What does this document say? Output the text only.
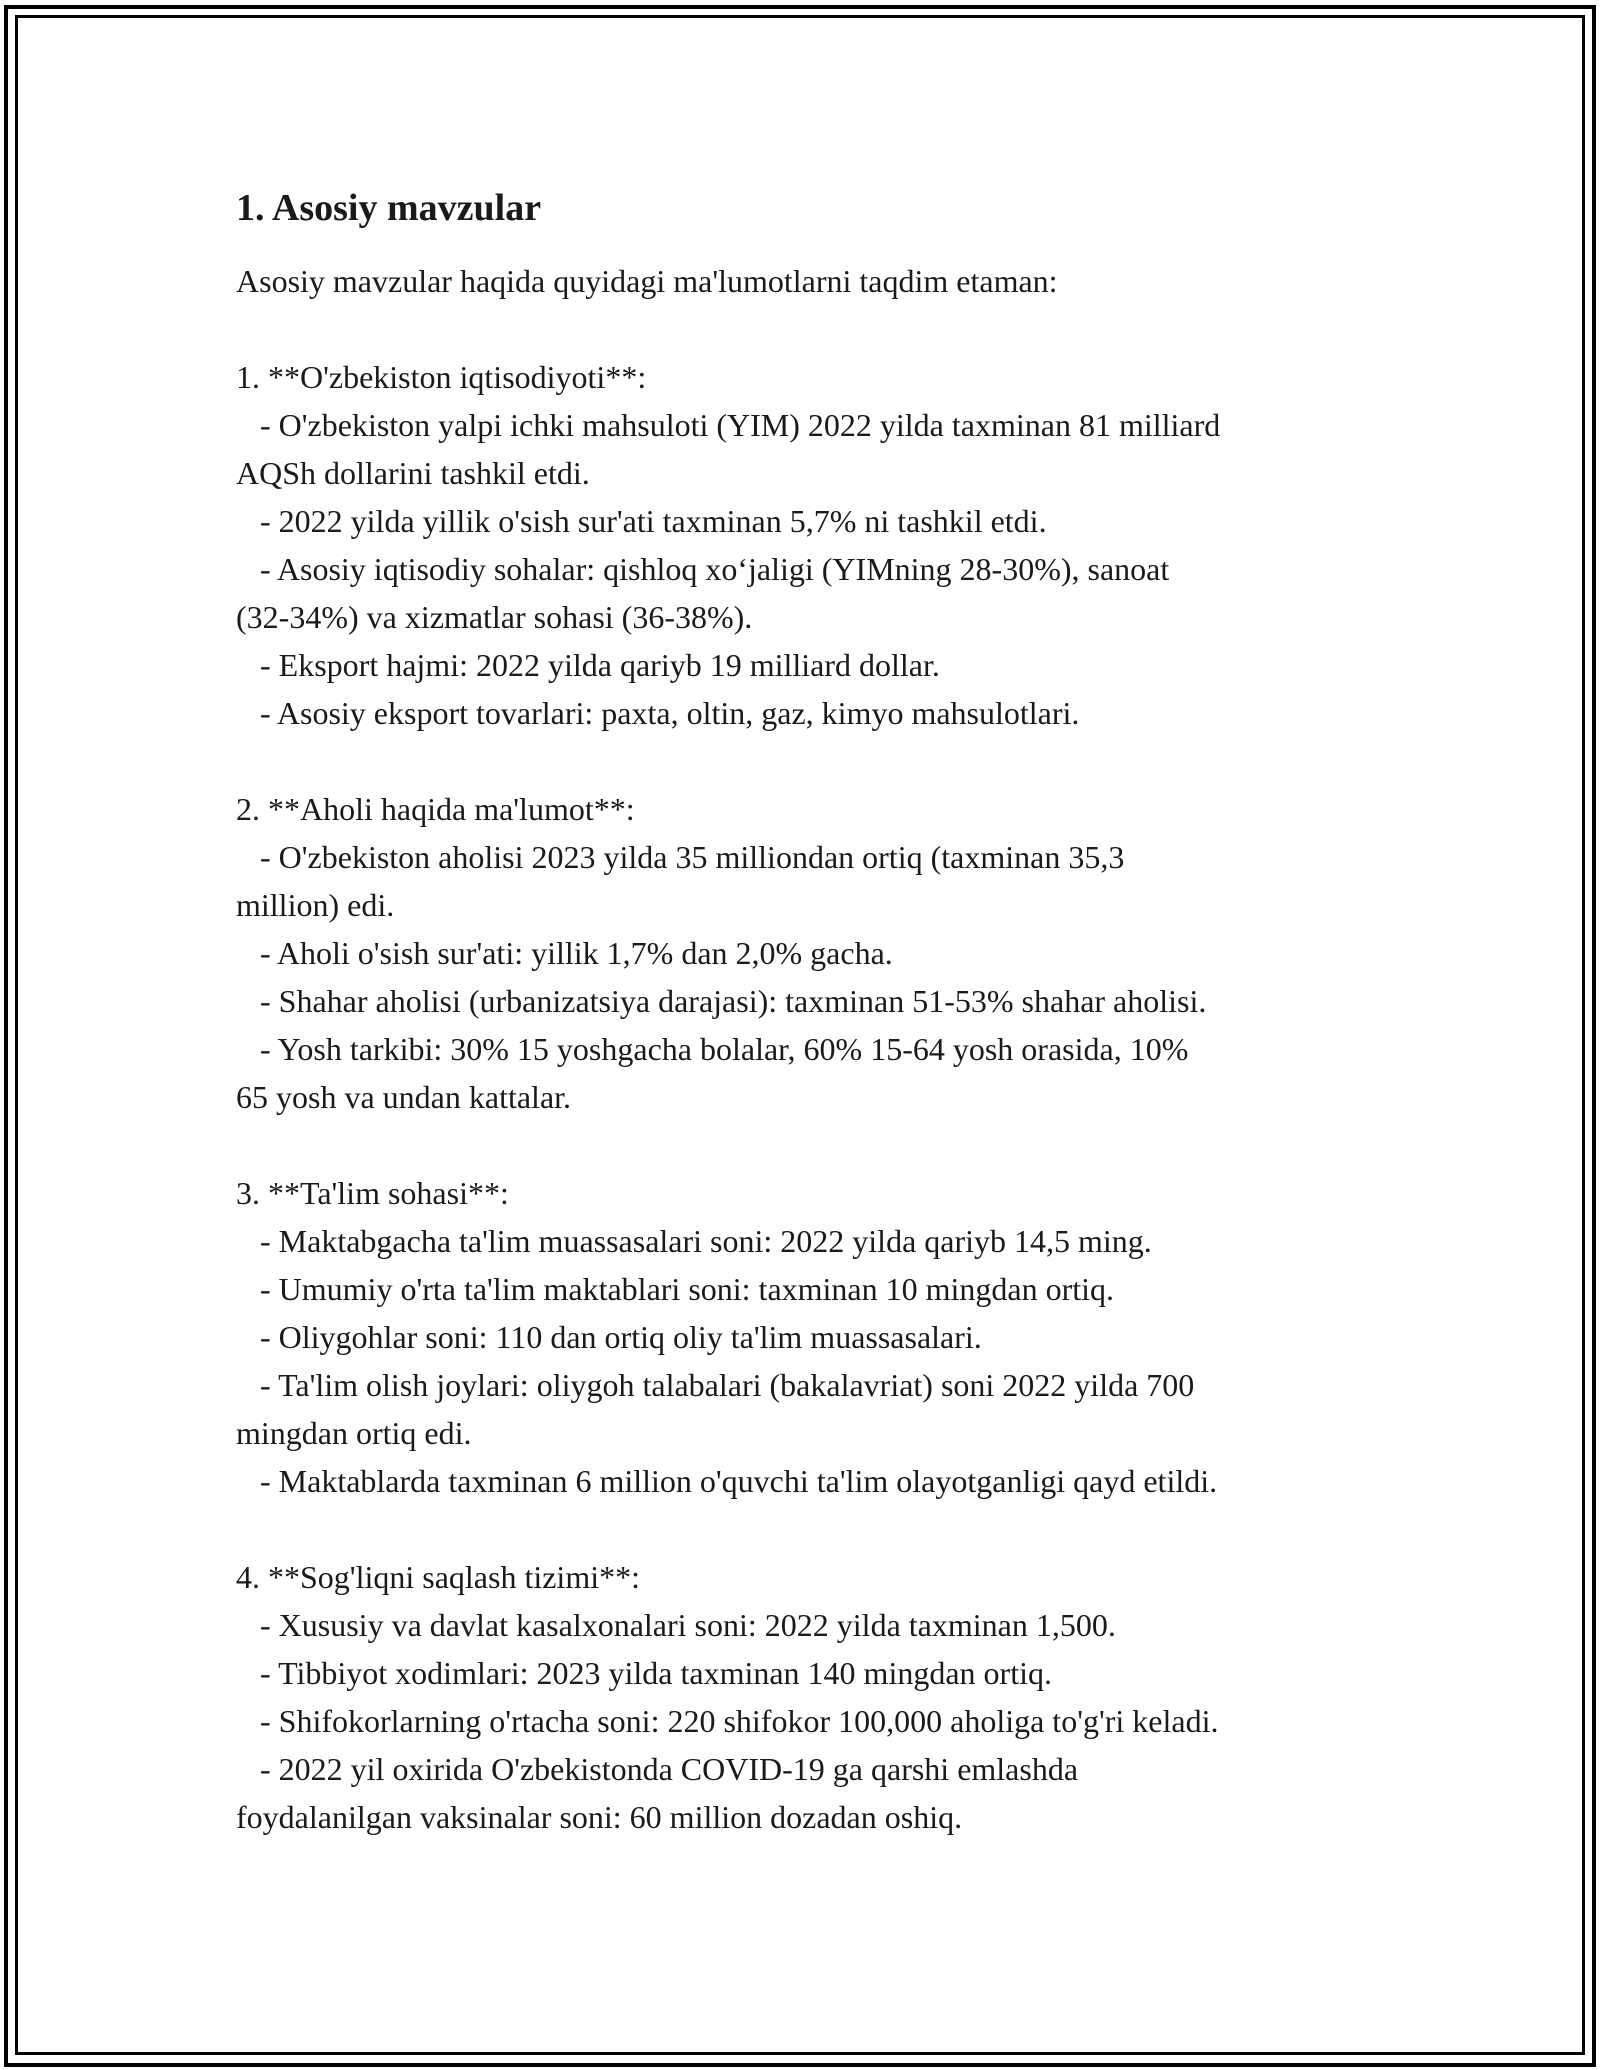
1. Asosiy mavzular

Asosiy mavzular haqida quyidagi ma'lumotlarni taqdim etaman:

1. **O'zbekiston iqtisodiyoti**:
- O'zbekiston yalpi ichki mahsuloti (YIM) 2022 yilda taxminan 81 milliard
AQSh dollarini tashkil etdi.
- 2022 yilda yillik o'sish sur'ati taxminan 5,7% ni tashkil etdi.
- Asosiy iqtisodiy sohalar: qishloq xo‘jaligi (YIMning 28-30%), sanoat
(32-34%) va xizmatlar sohasi (36-38%).
- Eksport hajmi: 2022 yilda qariyb 19 milliard dollar.
- Asosiy eksport tovarlari: paxta, oltin, gaz, kimyo mahsulotlari.
2. **Aholi haqida ma'lumot**:
- O'zbekiston aholisi 2023 yilda 35 milliondan ortiq (taxminan 35,3
million) edi.
- Aholi o'sish sur'ati: yillik 1,7% dan 2,0% gacha.
- Shahar aholisi (urbanizatsiya darajasi): taxminan 51-53% shahar aholisi.
- Yosh tarkibi: 30% 15 yoshgacha bolalar, 60% 15-64 yosh orasida, 10%
65 yosh va undan kattalar.
3. **Ta'lim sohasi**:
- Maktabgacha ta'lim muassasalari soni: 2022 yilda qariyb 14,5 ming.
- Umumiy o'rta ta'lim maktablari soni: taxminan 10 mingdan ortiq.
- Oliygohlar soni: 110 dan ortiq oliy ta'lim muassasalari.
- Ta'lim olish joylari: oliygoh talabalari (bakalavriat) soni 2022 yilda 700
mingdan ortiq edi.
- Maktablarda taxminan 6 million o'quvchi ta'lim olayotganligi qayd etildi.
4. **Sog'liqni saqlash tizimi**:
- Xususiy va davlat kasalxonalari soni: 2022 yilda taxminan 1,500.
- Tibbiyot xodimlari: 2023 yilda taxminan 140 mingdan ortiq.
- Shifokorlarning o'rtacha soni: 220 shifokor 100,000 aholiga to'g'ri keladi.
- 2022 yil oxirida O'zbekistonda COVID-19 ga qarshi emlashda
foydalanilgan vaksinalar soni: 60 million dozadan oshiq.
